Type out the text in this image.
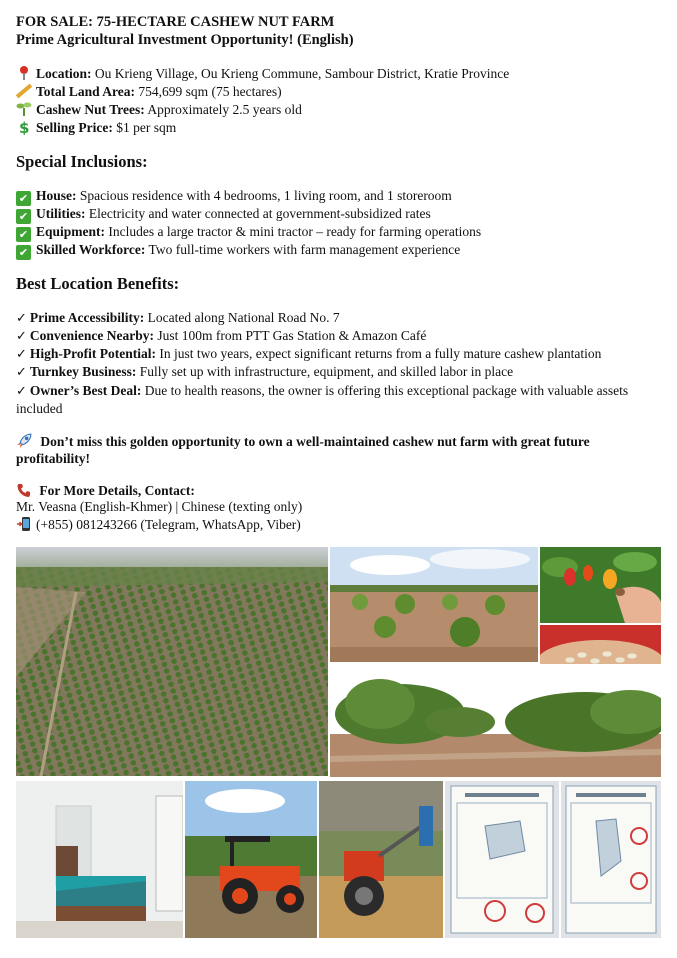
FOR SALE: 75-HECTARE CASHEW NUT FARM
Prime Agricultural Investment Opportunity! (English)
Location: Ou Krieng Village, Ou Krieng Commune, Sambour District, Kratie Province
Total Land Area: 754,699 sqm (75 hectares)
Cashew Nut Trees: Approximately 2.5 years old
$ Selling Price: $1 per sqm
Special Inclusions:
✔ House: Spacious residence with 4 bedrooms, 1 living room, and 1 storeroom
✔ Utilities: Electricity and water connected at government-subsidized rates
✔ Equipment: Includes a large tractor & mini tractor – ready for farming operations
✔ Skilled Workforce: Two full-time workers with farm management experience
Best Location Benefits:
✓ Prime Accessibility: Located along National Road No. 7
✓ Convenience Nearby: Just 100m from PTT Gas Station & Amazon Café
✓ High-Profit Potential: In just two years, expect significant returns from a fully mature cashew plantation
✓ Turnkey Business: Fully set up with infrastructure, equipment, and skilled labor in place
✓ Owner’s Best Deal: Due to health reasons, the owner is offering this exceptional package with valuable assets included
Don’t miss this golden opportunity to own a well-maintained cashew nut farm with great future profitability!
For More Details, Contact:
Mr. Veasna (English-Khmer) | Chinese (texting only)
(+855) 081243266 (Telegram, WhatsApp, Viber)
